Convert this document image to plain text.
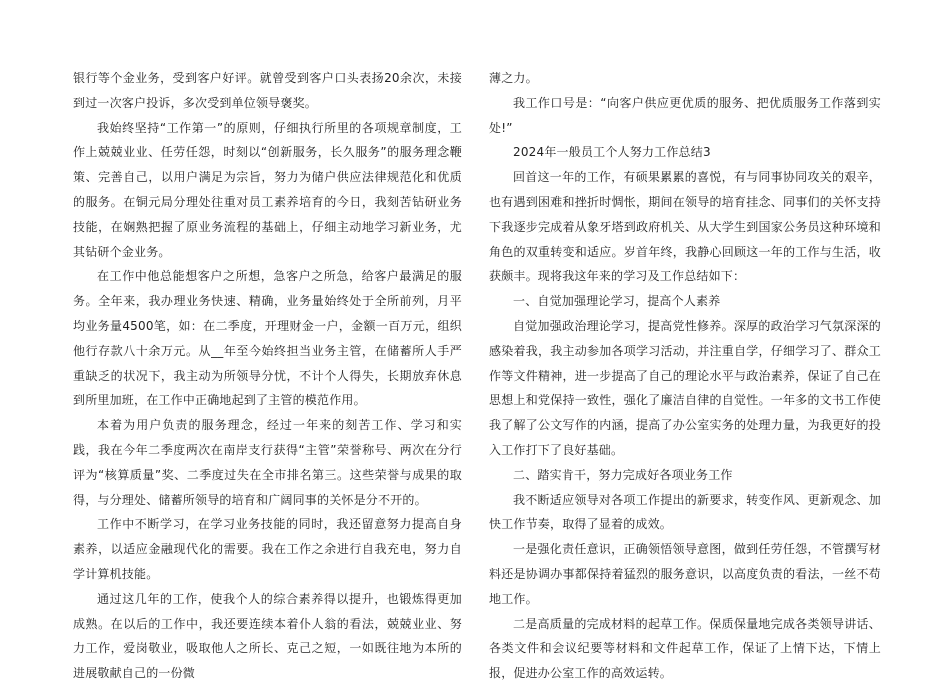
银行等个金业务，受到客户好评。就曾受到客户口头表扬20余次，未接到过一次客户投诉，多次受到单位领导褒奖。

我始终坚持“工作第一”的原则，仔细执行所里的各项规章制度，工作上兢兢业业、任劳任怨，时刻以“创新服务，长久服务”的服务理念鞭策、完善自己，以用户满足为宗旨，努力为储户供应法律规范化和优质的服务。在铜元局分理处往重对员工素养培育的今日，我刻苦钻研业务技能，在娴熟把握了原业务流程的基础上，仔细主动地学习新业务，尤其钻研个金业务。

在工作中他总能想客户之所想，急客户之所急，给客户最满足的服务。全年来，我办理业务快速、精确，业务量始终处于全所前列，月平均业务量4500笔，如：在二季度，开理财金一户，金额一百万元，组织他行存款八十余万元。从__年至今始终担当业务主管，在储蓄所人手严重缺乏的状况下，我主动为所领导分忧，不计个人得失，长期放弃休息到所里加班，在工作中正确地起到了主管的模范作用。

本着为用户负责的服务理念，经过一年来的刻苦工作、学习和实践，我在今年二季度两次在南岸支行获得“主管”荣誉称号、两次在分行评为“核算质量”奖、二季度过失在全市排名第三。这些荣誉与成果的取得，与分理处、储蓄所领导的培育和广阔同事的关怀是分不开的。

工作中不断学习，在学习业务技能的同时，我还留意努力提高自身素养，以适应金融现代化的需要。我在工作之余进行自我充电，努力自学计算机技能。

通过这几年的工作，使我个人的综合素养得以提升，也锻炼得更加成熟。在以后的工作中，我还要连续本着仆人翁的看法，兢兢业业、努力工作，爱岗敬业，吸取他人之所长、克己之短，一如既往地为本所的进展敬献自己的一份微

薄之力。

我工作口号是：“向客户供应更优质的服务、把优质服务工作落到实处!”

2024年一般员工个人努力工作总结3

回首这一年的工作，有硕果累累的喜悦，有与同事协同攻关的艰辛，也有遇到困难和挫折时惆怅，期间在领导的培育挂念、同事们的关怀支持下我逐步完成着从象牙塔到政府机关、从大学生到国家公务员这种环境和角色的双重转变和适应。岁首年终，我静心回顾这一年的工作与生活，收获颇丰。现将我这年来的学习及工作总结如下：

一、自觉加强理论学习，提高个人素养

自觉加强政治理论学习，提高党性修养。深厚的政治学习气氛深深的感染着我，我主动参加各项学习活动，并注重自学，仔细学习了、群众工作等文件精神，进一步提高了自己的理论水平与政治素养，保证了自己在思想上和党保持一致性，强化了廉洁自律的自觉性。一年多的文书工作使我了解了公文写作的内涵，提高了办公室实务的处理力量，为我更好的投入工作打下了良好基础。

二、踏实肯干，努力完成好各项业务工作

我不断适应领导对各项工作提出的新要求，转变作风、更新观念、加快工作节奏，取得了显着的成效。

一是强化责任意识，正确领悟领导意图，做到任劳任怨，不管撰写材料还是协调办事都保持着猛烈的服务意识，以高度负责的看法，一丝不苟地工作。

二是高质量的完成材料的起草工作。保质保量地完成各类领导讲话、各类文件和会议纪要等材料和文件起草工作，保证了上情下达，下情上报，促进办公室工作的高效运转。
